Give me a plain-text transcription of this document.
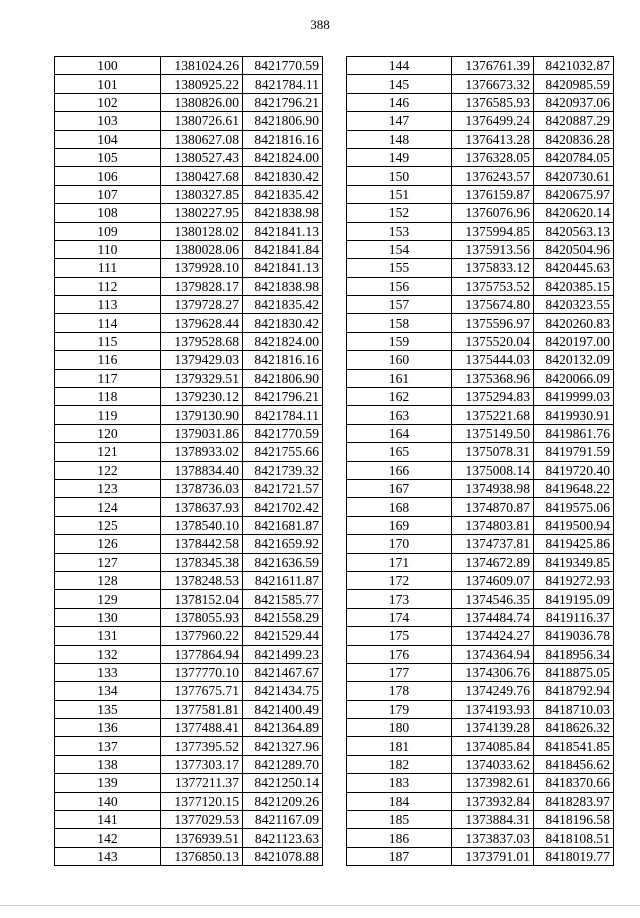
388
100	1381024.26	8421770.59
101	1380925.22	8421784.11
102	1380826.00	8421796.21
103	1380726.61	8421806.90
104	1380627.08	8421816.16
105	1380527.43	8421824.00
106	1380427.68	8421830.42
107	1380327.85	8421835.42
108	1380227.95	8421838.98
109	1380128.02	8421841.13
110	1380028.06	8421841.84
111	1379928.10	8421841.13
112	1379828.17	8421838.98
113	1379728.27	8421835.42
114	1379628.44	8421830.42
115	1379528.68	8421824.00
116	1379429.03	8421816.16
117	1379329.51	8421806.90
118	1379230.12	8421796.21
119	1379130.90	8421784.11
120	1379031.86	8421770.59
121	1378933.02	8421755.66
122	1378834.40	8421739.32
123	1378736.03	8421721.57
124	1378637.93	8421702.42
125	1378540.10	8421681.87
126	1378442.58	8421659.92
127	1378345.38	8421636.59
128	1378248.53	8421611.87
129	1378152.04	8421585.77
130	1378055.93	8421558.29
131	1377960.22	8421529.44
132	1377864.94	8421499.23
133	1377770.10	8421467.67
134	1377675.71	8421434.75
135	1377581.81	8421400.49
136	1377488.41	8421364.89
137	1377395.52	8421327.96
138	1377303.17	8421289.70
139	1377211.37	8421250.14
140	1377120.15	8421209.26
141	1377029.53	8421167.09
142	1376939.51	8421123.63
143	1376850.13	8421078.88
144	1376761.39	8421032.87
145	1376673.32	8420985.59
146	1376585.93	8420937.06
147	1376499.24	8420887.29
148	1376413.28	8420836.28
149	1376328.05	8420784.05
150	1376243.57	8420730.61
151	1376159.87	8420675.97
152	1376076.96	8420620.14
153	1375994.85	8420563.13
154	1375913.56	8420504.96
155	1375833.12	8420445.63
156	1375753.52	8420385.15
157	1375674.80	8420323.55
158	1375596.97	8420260.83
159	1375520.04	8420197.00
160	1375444.03	8420132.09
161	1375368.96	8420066.09
162	1375294.83	8419999.03
163	1375221.68	8419930.91
164	1375149.50	8419861.76
165	1375078.31	8419791.59
166	1375008.14	8419720.40
167	1374938.98	8419648.22
168	1374870.87	8419575.06
169	1374803.81	8419500.94
170	1374737.81	8419425.86
171	1374672.89	8419349.85
172	1374609.07	8419272.93
173	1374546.35	8419195.09
174	1374484.74	8419116.37
175	1374424.27	8419036.78
176	1374364.94	8418956.34
177	1374306.76	8418875.05
178	1374249.76	8418792.94
179	1374193.93	8418710.03
180	1374139.28	8418626.32
181	1374085.84	8418541.85
182	1374033.62	8418456.62
183	1373982.61	8418370.66
184	1373932.84	8418283.97
185	1373884.31	8418196.58
186	1373837.03	8418108.51
187	1373791.01	8418019.77
